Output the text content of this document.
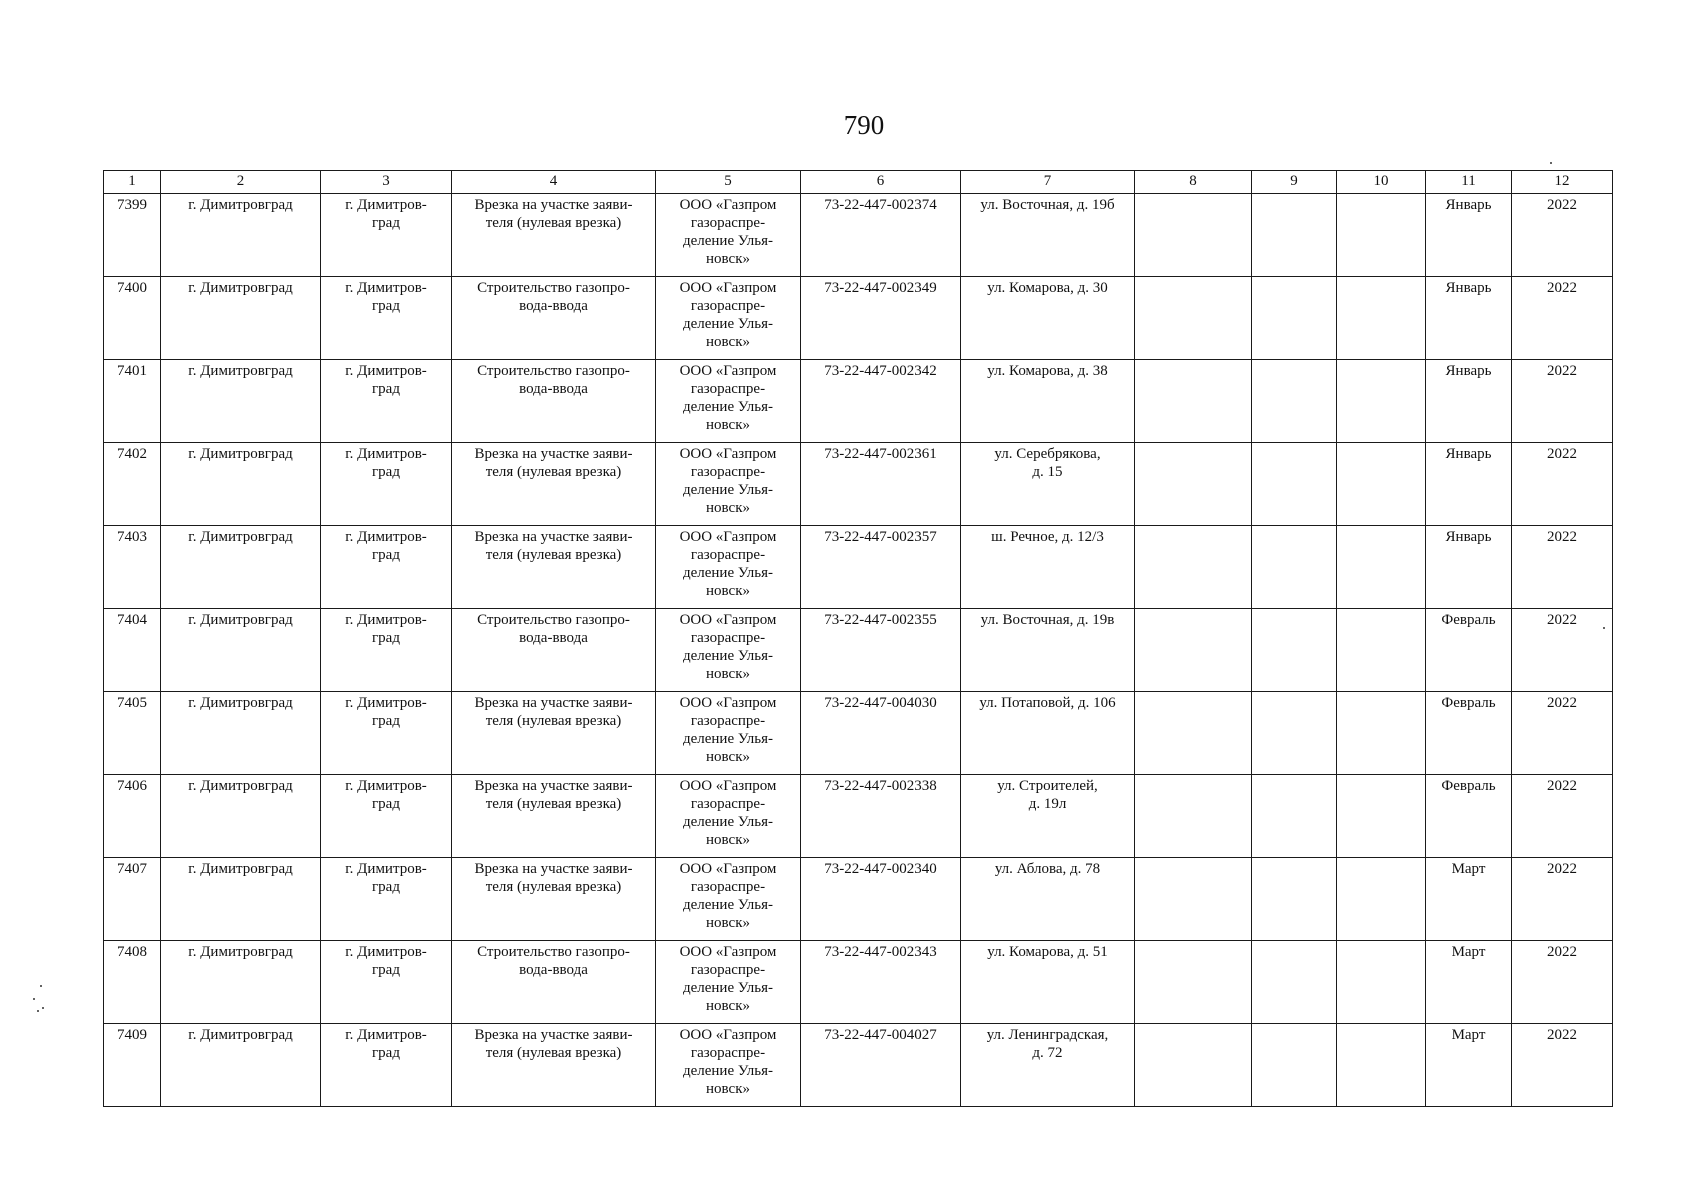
790
1	2	3	4	5	6	7	8	9	10	11	12
7399	г. Димитровград	г. Димитров-
град	Врезка на участке заяви-
теля (нулевая врезка)	ООО «Газпром
газораспре-
деление Улья-
новск»	73-22-447-002374	ул. Восточная, д. 19б				Январь	2022
7400	г. Димитровград	г. Димитров-
град	Строительство газопро-
вода-ввода	ООО «Газпром
газораспре-
деление Улья-
новск»	73-22-447-002349	ул. Комарова, д. 30				Январь	2022
7401	г. Димитровград	г. Димитров-
град	Строительство газопро-
вода-ввода	ООО «Газпром
газораспре-
деление Улья-
новск»	73-22-447-002342	ул. Комарова, д. 38				Январь	2022
7402	г. Димитровград	г. Димитров-
град	Врезка на участке заяви-
теля (нулевая врезка)	ООО «Газпром
газораспре-
деление Улья-
новск»	73-22-447-002361	ул. Серебрякова,
д. 15				Январь	2022
7403	г. Димитровград	г. Димитров-
град	Врезка на участке заяви-
теля (нулевая врезка)	ООО «Газпром
газораспре-
деление Улья-
новск»	73-22-447-002357	ш. Речное, д. 12/3				Январь	2022
7404	г. Димитровград	г. Димитров-
град	Строительство газопро-
вода-ввода	ООО «Газпром
газораспре-
деление Улья-
новск»	73-22-447-002355	ул. Восточная, д. 19в				Февраль	2022
7405	г. Димитровград	г. Димитров-
град	Врезка на участке заяви-
теля (нулевая врезка)	ООО «Газпром
газораспре-
деление Улья-
новск»	73-22-447-004030	ул. Потаповой, д. 106				Февраль	2022
7406	г. Димитровград	г. Димитров-
град	Врезка на участке заяви-
теля (нулевая врезка)	ООО «Газпром
газораспре-
деление Улья-
новск»	73-22-447-002338	ул. Строителей,
д. 19л				Февраль	2022
7407	г. Димитровград	г. Димитров-
град	Врезка на участке заяви-
теля (нулевая врезка)	ООО «Газпром
газораспре-
деление Улья-
новск»	73-22-447-002340	ул. Аблова, д. 78				Март	2022
7408	г. Димитровград	г. Димитров-
град	Строительство газопро-
вода-ввода	ООО «Газпром
газораспре-
деление Улья-
новск»	73-22-447-002343	ул. Комарова, д. 51				Март	2022
7409	г. Димитровград	г. Димитров-
град	Врезка на участке заяви-
теля (нулевая врезка)	ООО «Газпром
газораспре-
деление Улья-
новск»	73-22-447-004027	ул. Ленинградская,
д. 72				Март	2022
